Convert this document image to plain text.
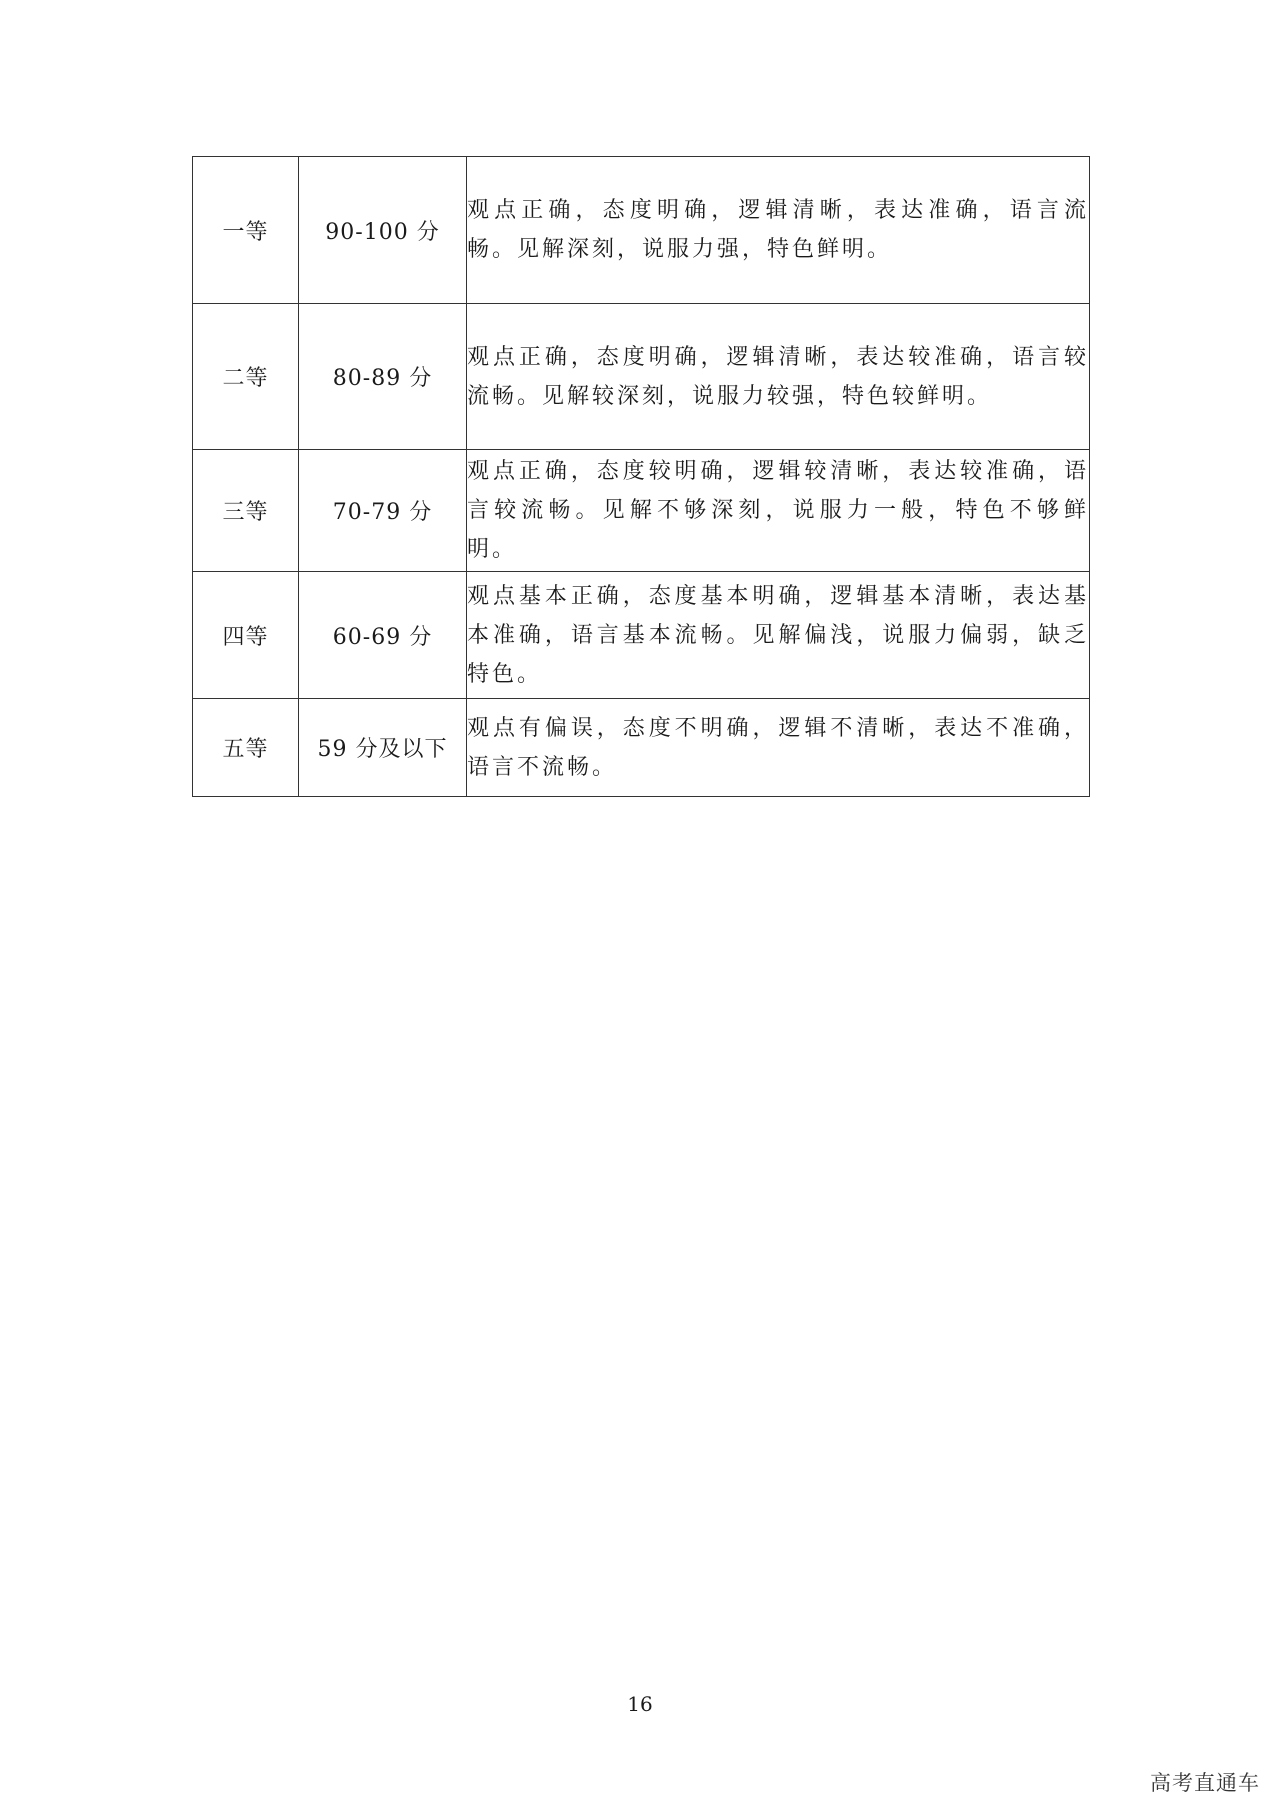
一等	90-100 分	观点正确，态度明确，逻辑清晰，表达准确，语言流畅。见解深刻，说服力强，特色鲜明。
二等	80-89 分	观点正确，态度明确，逻辑清晰，表达较准确，语言较流畅。见解较深刻，说服力较强，特色较鲜明。
三等	70-79 分	观点正确，态度较明确，逻辑较清晰，表达较准确，语言较流畅。见解不够深刻，说服力一般，特色不够鲜明。
四等	60-69 分	观点基本正确，态度基本明确，逻辑基本清晰，表达基本准确，语言基本流畅。见解偏浅，说服力偏弱，缺乏特色。
五等	59 分及以下	观点有偏误，态度不明确，逻辑不清晰，表达不准确，语言不流畅。
16
高考直通车
